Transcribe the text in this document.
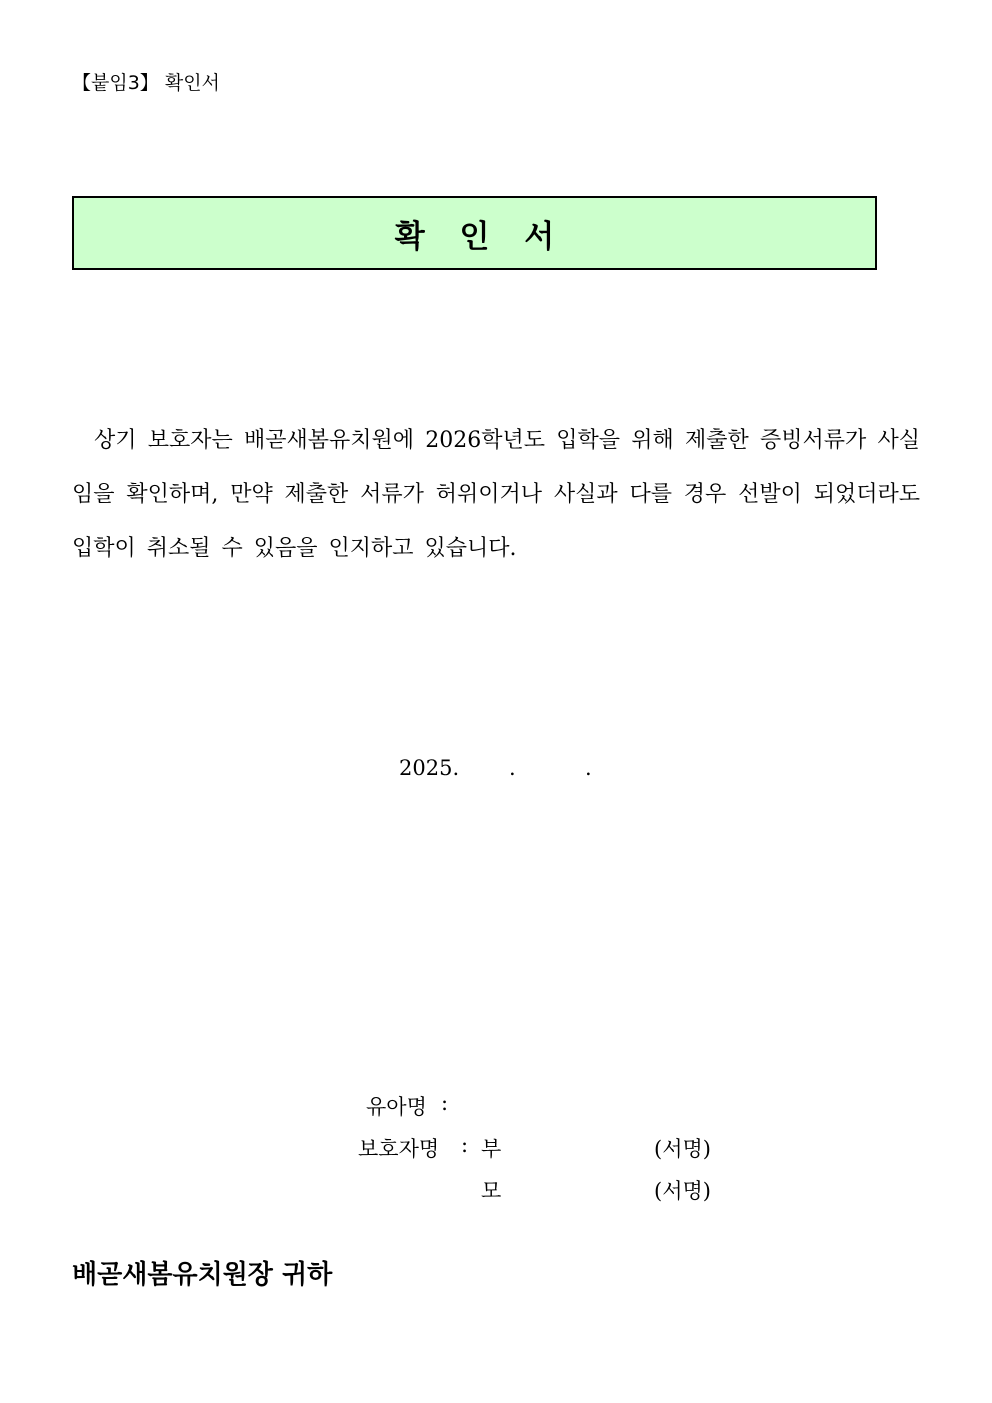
【붙임3】 확인서
확 인 서

상기 보호자는 배곧새봄유치원에 2026학년도 입학을 위해 제출한 증빙서류가 사실임을 확인하며, 만약 제출한 서류가 허위이거나 사실과 다를 경우 선발이 되었더라도 입학이 취소될 수 있음을 인지하고 있습니다.

2025. .	.
유아명 :
보호자명 : 부	(서명)
모	(서명)
배곧새봄유치원장 귀하
